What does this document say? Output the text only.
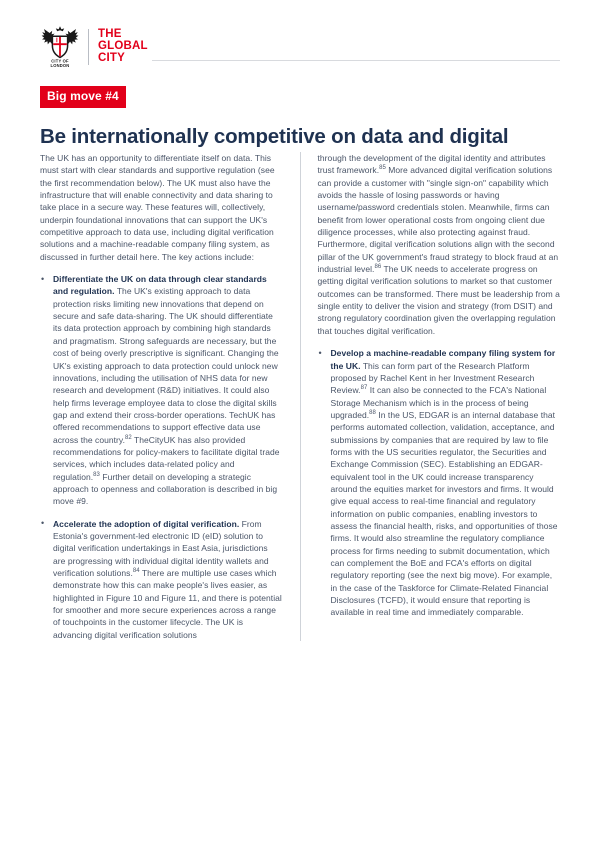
CITY OF
LONDON
THE
GLOBAL
CITY
Big move #4
Be internationally competitive on data and digital

The UK has an opportunity to differentiate itself on data. This must start with clear standards and supportive regulation (see the first recommendation below). The UK must also have the infrastructure that will enable connectivity and data sharing to take place in a secure way. These features will, collectively, underpin foundational innovations that can support the UK's competitive approach to data use, including digital verification solutions and a machine-readable company filing system, as discussed in further detail here. The key actions include:

• Differentiate the UK on data through clear standards and regulation. The UK's existing approach to data protection risks limiting new innovations that depend on secure and safe data-sharing. The UK should differentiate its data protection approach by combining high standards and pragmatism. Strong safeguards are necessary, but the cost of being overly prescriptive is significant. Changing the UK's existing approach to data protection could unlock new innovations, including the utilisation of NHS data for new research and development (R&D) initiatives. It could also help firms leverage employee data to close the digital skills gap and extend their cross-border operations. TechUK has offered recommendations to support effective data use across the country.$^{82}$ TheCityUK has also provided recommendations for policy-makers to facilitate digital trade services, which includes data-related policy and regulation.$^{83}$ Further detail on developing a strategic approach to openness and collaboration is described in big move #9.
• Accelerate the adoption of digital verification. From Estonia's government-led electronic ID (eID) solution to digital verification undertakings in East Asia, jurisdictions are progressing with individual digital identity wallets and verification solutions.$^{84}$ There are multiple use cases which demonstrate how this can make people's lives easier, as highlighted in Figure 10 and Figure 11, and there is potential for smoother and more secure experiences across a range of touchpoints in the customer lifecycle. The UK is advancing digital verification solutions

through the development of the digital identity and attributes trust framework.$^{85}$ More advanced digital verification solutions can provide a customer with "single sign-on" capability which avoids the hassle of losing passwords or having username/password credentials stolen. Meanwhile, firms can benefit from lower operational costs from ongoing client due diligence processes, while also protecting against fraud. Furthermore, digital verification solutions align with the second pillar of the UK government's fraud strategy to block fraud at an industrial level.$^{86}$ The UK needs to accelerate progress on getting digital verification solutions to market so that customer outcomes can be transformed. There must be leadership from a single entity to deliver the vision and strategy (from DSIT) and strong regulatory coordination given the overlapping regulation that touches digital verification.

• Develop a machine-readable company filing system for the UK. This can form part of the Research Platform proposed by Rachel Kent in her Investment Research Review.$^{87}$ It can also be connected to the FCA's National Storage Mechanism which is in the process of being upgraded.$^{88}$ In the US, EDGAR is an internal database that performs automated collection, validation, acceptance, and submissions by companies that are required by law to file forms with the US securities regulator, the Securities and Exchange Commission (SEC). Establishing an EDGAR-equivalent tool in the UK could increase transparency around the equities market for investors and firms. It would give equal access to real-time financial and regulatory information on public companies, enabling investors to assess the financial health, risks, and opportunities of those firms. It would also streamline the regulatory compliance process for firms needing to submit documentation, which can complement the BoE and FCA's efforts on digital regulatory reporting (see the next big move). For example, in the case of the Taskforce for Climate-Related Financial Disclosures (TCFD), it would ensure that reporting is available in real time and immediately comparable.
